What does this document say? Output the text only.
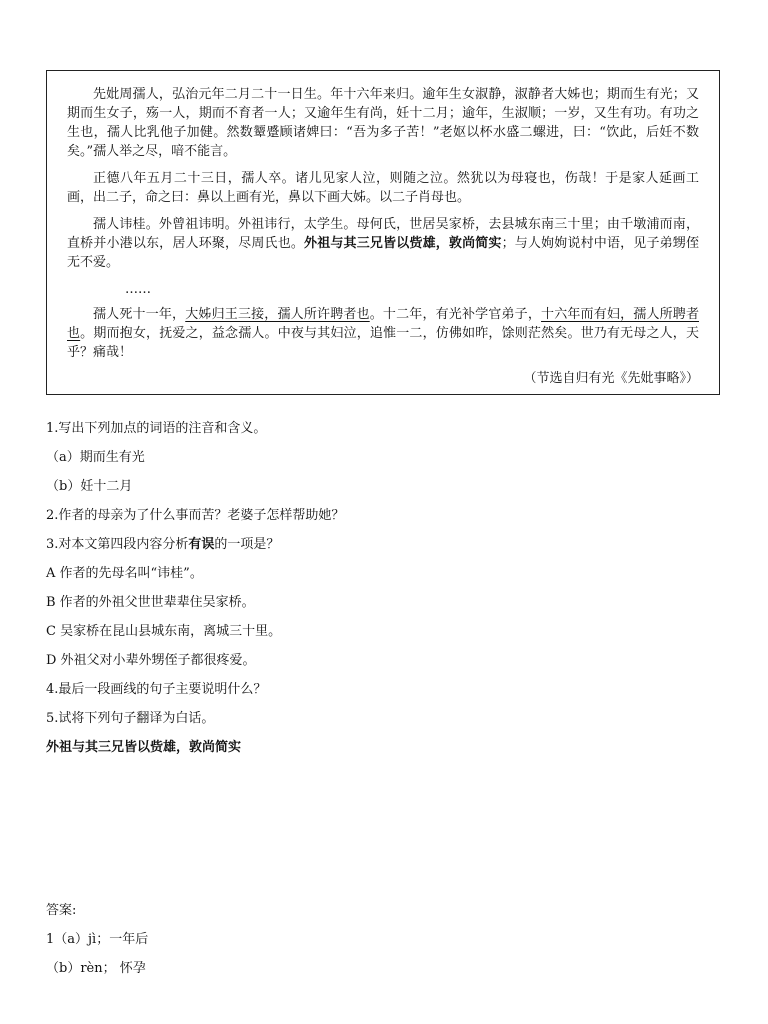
先妣周孺人，弘治元年二月二十一日生。年十六年来归。逾年生女淑静，淑静者大姊也；期而生有光；又期而生女子，殇一人，期而不育者一人；又逾年生有尚，妊十二月；逾年，生淑顺；一岁，又生有功。有功之生也，孺人比乳他子加健。然数颦蹙顾诸婢曰：“吾为多子苦！”老妪以杯水盛二螺进，曰：“饮此，后妊不数矣。”孺人举之尽，喑不能言。

正德八年五月二十三日，孺人卒。诸儿见家人泣，则随之泣。然犹以为母寝也，伤哉！于是家人延画工画，出二子，命之曰：鼻以上画有光，鼻以下画大姊。以二子肖母也。

孺人讳桂。外曾祖讳明。外祖讳行，太学生。母何氏，世居吴家桥，去县城东南三十里；由千墩浦而南，直桥并小港以东，居人环聚，尽周氏也。外祖与其三兄皆以赀雄，敦尚简实；与人姁姁说村中语，见子弟甥侄无不爱。

……

孺人死十一年，大姊归王三接，孺人所许聘者也。十二年，有光补学官弟子，十六年而有妇，孺人所聘者也。期而抱女，抚爱之，益念孺人。中夜与其妇泣，追惟一二，仿佛如昨，馀则茫然矣。世乃有无母之人，天乎？痛哉！

（节选自归有光《先妣事略》）

1.写出下列加点的词语的注音和含义。

（a）期而生有光

（b）妊十二月

2.作者的母亲为了什么事而苦？老婆子怎样帮助她？

3.对本文第四段内容分析有误的一项是？

A 作者的先母名叫“讳桂”。

B 作者的外祖父世世辈辈住吴家桥。

C 吴家桥在昆山县城东南，离城三十里。

D 外祖父对小辈外甥侄子都很疼爱。

4.最后一段画线的句子主要说明什么？

5.试将下列句子翻译为白话。

外祖与其三兄皆以赀雄，敦尚简实

答案:

1（a）jì；一年后

（b）rèn； 怀孕
